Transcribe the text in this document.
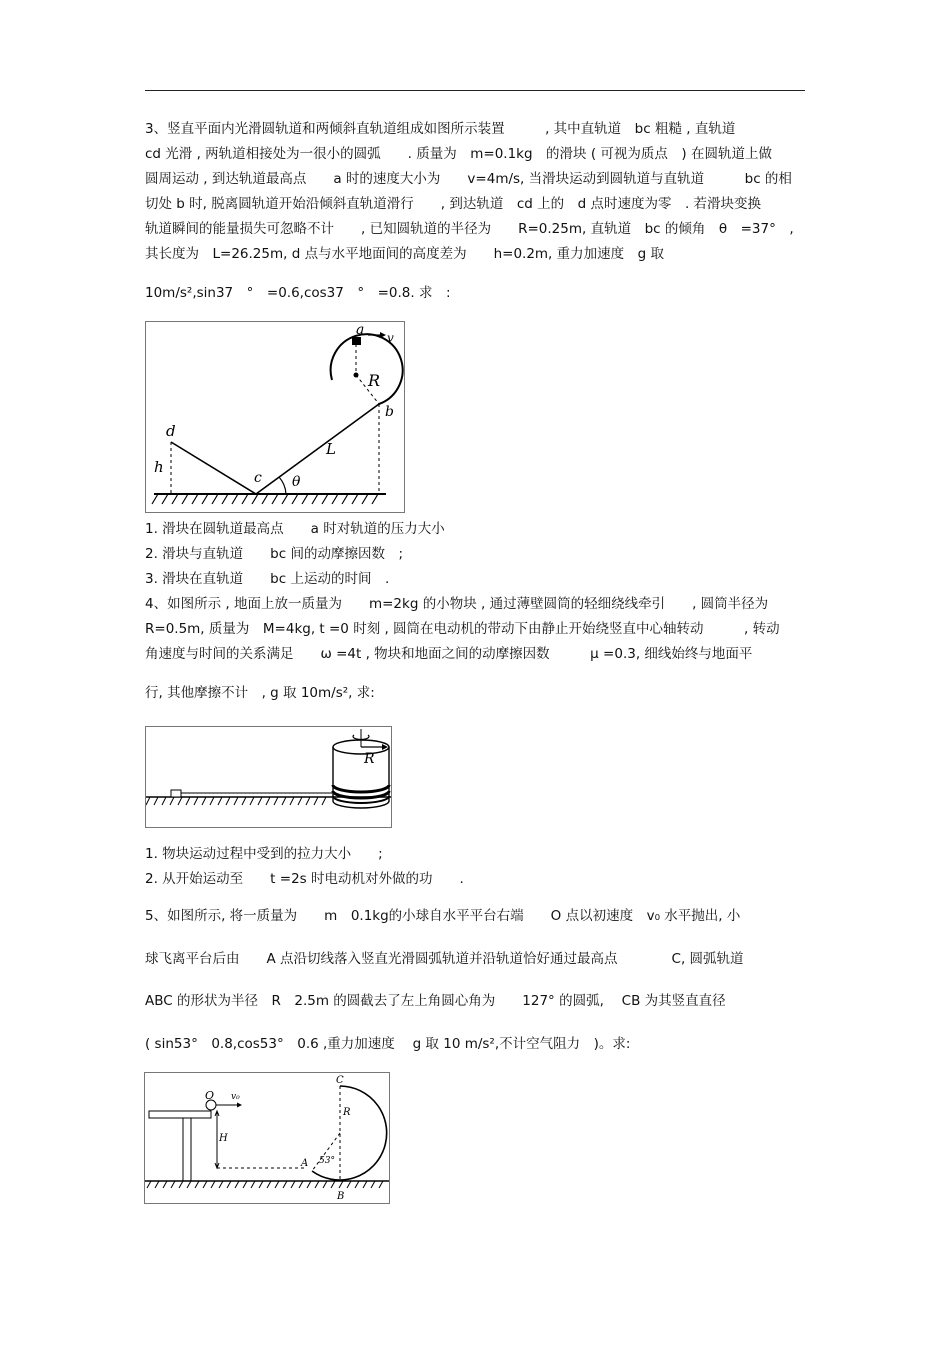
3、竖直平面内光滑圆轨道和两倾斜直轨道组成如图所示装置　　　, 其中直轨道　bc 粗糙 , 直轨道
cd 光滑 , 两轨道相接处为一很小的圆弧　　. 质量为　m=0.1kg　的滑块 ( 可视为质点　) 在圆轨道上做
圆周运动 , 到达轨道最高点　　a 时的速度大小为　　v=4m/s, 当滑块运动到圆轨道与直轨道　　　bc 的相
切处 b 时, 脱离圆轨道开始沿倾斜直轨道滑行　　, 到达轨道　cd 上的　d 点时速度为零　. 若滑块变换
轨道瞬间的能量损失可忽略不计　　, 已知圆轨道的半径为　　R=0.25m, 直轨道　bc 的倾角　θ　=37°　,
其长度为　L=26.25m, d 点与水平地面间的高度差为　　h=0.2m, 重力加速度　g 取
10m/s²,sin37　°　=0.6,cos37　°　=0.8. 求　:
a v
R
b
d
h
c
L
θ
1. 滑块在圆轨道最高点　　a 时对轨道的压力大小
2. 滑块与直轨道　　bc 间的动摩擦因数　;
3. 滑块在直轨道　　bc 上运动的时间　.
4、如图所示 , 地面上放一质量为　　m=2kg 的小物块 , 通过薄壁圆筒的轻细绕线牵引　　, 圆筒半径为
R=0.5m, 质量为　M=4kg, t =0 时刻 , 圆筒在电动机的带动下由静止开始绕竖直中心轴转动　　　, 转动
角速度与时间的关系满足　　ω =4t , 物块和地面之间的动摩擦因数　　　μ =0.3, 细线始终与地面平
行, 其他摩擦不计　, g 取 10m/s², 求:
R
1. 物块运动过程中受到的拉力大小　　;
2. 从开始运动至　　t =2s 时电动机对外做的功　　.
5、如图所示, 将一质量为　　m　0.1kg的小球自水平平台右端　　O 点以初速度　v₀ 水平抛出, 小
球飞离平台后由　　A 点沿切线落入竖直光滑圆弧轨道并沿轨道恰好通过最高点　　　　C, 圆弧轨道
ABC 的形状为半径　R　2.5m 的圆截去了左上角圆心角为　　127° 的圆弧,　 CB 为其竖直直径
( sin53°　0.8,cos53°　0.6 ,重力加速度　 g 取 10 m/s²,不计空气阻力　)。求:
O v₀
H
C
R
A 53°
B
